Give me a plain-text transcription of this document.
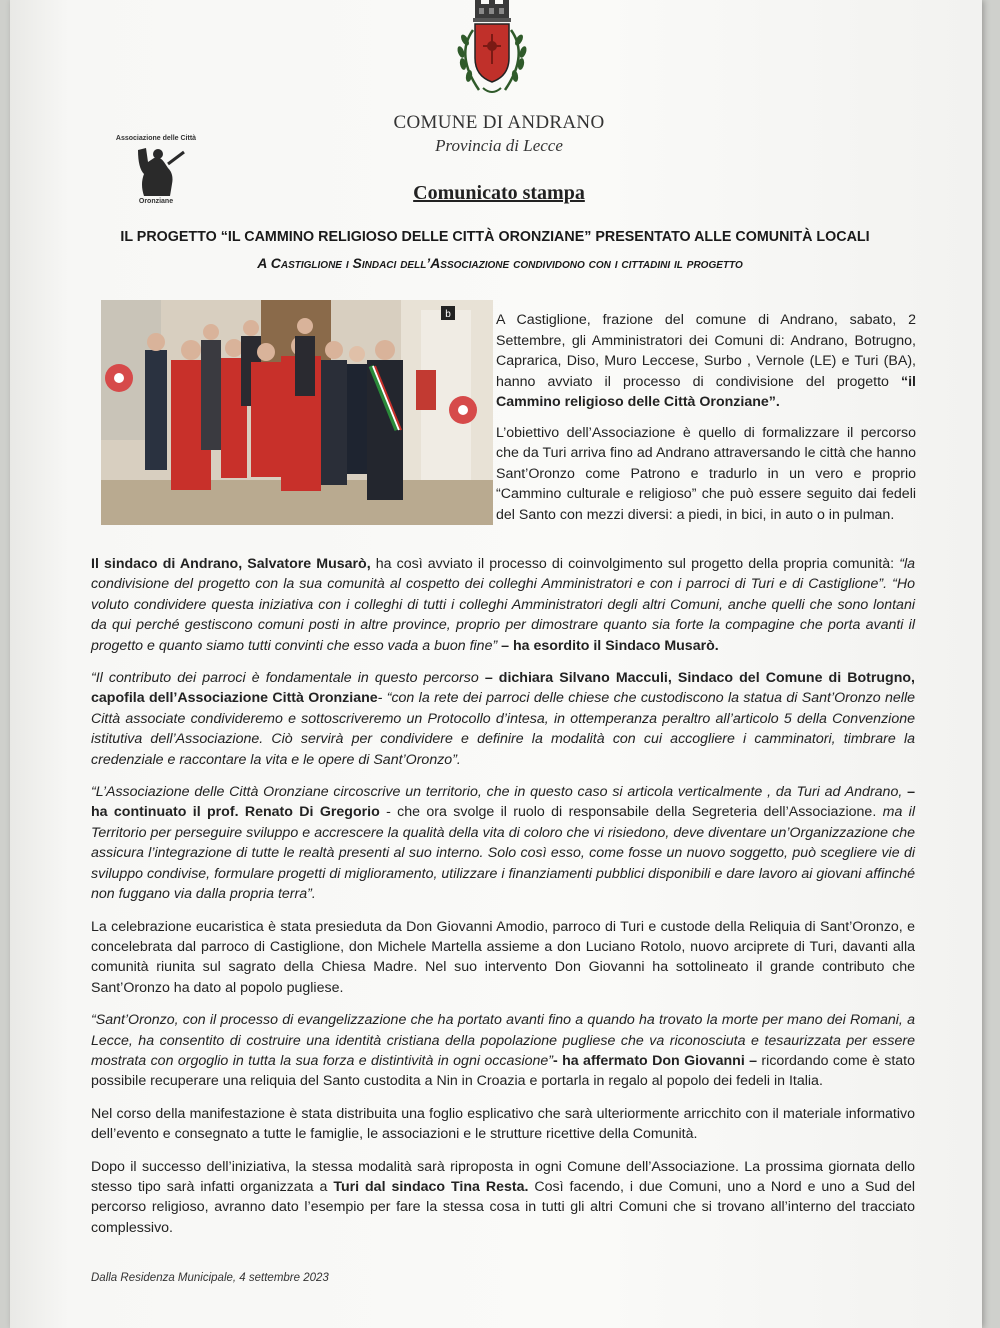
Associazione delle Città
Oronziane
COMUNE DI ANDRANO
Provincia di Lecce
Comunicato stampa
IL PROGETTO “IL CAMMINO RELIGIOSO DELLE CITTÀ ORONZIANE” PRESENTATO ALLE COMUNITÀ LOCALI
A Castiglione i Sindaci dell’Associazione condividono con i cittadini il progetto
b	A Castiglione, frazione del comune di Andrano, sabato, 2 Settembre, gli Amministratori dei Comuni di: Andrano, Botrugno, Caprarica, Diso, Muro Leccese, Surbo , Vernole (LE) e Turi (BA), hanno avviato il processo di condivisione del progetto “il Cammino religioso delle Città Oronziane”.

L’obiettivo dell’Associazione è quello di formalizzare il percorso che da Turi arriva fino ad Andrano attraversando le città che hanno Sant’Oronzo come Patrono e tradurlo in un vero e proprio “Cammino culturale e religioso” che può essere seguito dai fedeli del Santo con mezzi diversi: a piedi, in bici, in auto o in pulman.

Il sindaco di Andrano, Salvatore Musarò, ha così avviato il processo di coinvolgimento sul progetto della propria comunità: “la condivisione del progetto con la sua comunità al cospetto dei colleghi Amministratori e con i parroci di Turi e di Castiglione”. “Ho voluto condividere questa iniziativa con i colleghi di tutti i colleghi Amministratori degli altri Comuni, anche quelli che sono lontani da qui perché gestiscono comuni posti in altre province, proprio per dimostrare quanto sia forte la compagine che porta avanti il progetto e quanto siamo tutti convinti che esso vada a buon fine” – ha esordito il Sindaco Musarò.

“Il contributo dei parroci è fondamentale in questo percorso – dichiara Silvano Macculi, Sindaco del Comune di Botrugno, capofila dell’Associazione Città Oronziane- “con la rete dei parroci delle chiese che custodiscono la statua di Sant’Oronzo nelle Città associate condivideremo e sottoscriveremo un Protocollo d’intesa, in ottemperanza peraltro all’articolo 5 della Convenzione istitutiva dell’Associazione. Ciò servirà per condividere e definire la modalità con cui accogliere i camminatori, timbrare la credenziale e raccontare la vita e le opere di Sant’Oronzo”.

“L’Associazione delle Città Oronziane circoscrive un territorio, che in questo caso si articola verticalmente , da Turi ad Andrano, – ha continuato il prof. Renato Di Gregorio - che ora svolge il ruolo di responsabile della Segreteria dell’Associazione. ma il Territorio per perseguire sviluppo e accrescere la qualità della vita di coloro che vi risiedono, deve diventare un’Organizzazione che assicura l’integrazione di tutte le realtà presenti al suo interno. Solo così esso, come fosse un nuovo soggetto, può scegliere vie di sviluppo condivise, formulare progetti di miglioramento, utilizzare i finanziamenti pubblici disponibili e dare lavoro ai giovani affinché non fuggano via dalla propria terra”.

La celebrazione eucaristica è stata presieduta da Don Giovanni Amodio, parroco di Turi e custode della Reliquia di Sant’Oronzo, e concelebrata dal parroco di Castiglione, don Michele Martella assieme a don Luciano Rotolo, nuovo arciprete di Turi, davanti alla comunità riunita sul sagrato della Chiesa Madre. Nel suo intervento Don Giovanni ha sottolineato il grande contributo che Sant’Oronzo ha dato al popolo pugliese.

“Sant’Oronzo, con il processo di evangelizzazione che ha portato avanti fino a quando ha trovato la morte per mano dei Romani, a Lecce, ha consentito di costruire una identità cristiana della popolazione pugliese che va riconosciuta e tesaurizzata per essere mostrata con orgoglio in tutta la sua forza e distintività in ogni occasione”- ha affermato Don Giovanni – ricordando come è stato possibile recuperare una reliquia del Santo custodita a Nin in Croazia e portarla in regalo al popolo dei fedeli in Italia.

Nel corso della manifestazione è stata distribuita una foglio esplicativo che sarà ulteriormente arricchito con il materiale informativo dell’evento e consegnato a tutte le famiglie, le associazioni e le strutture ricettive della Comunità.

Dopo il successo dell’iniziativa, la stessa modalità sarà riproposta in ogni Comune dell’Associazione. La prossima giornata dello stesso tipo sarà infatti organizzata a Turi dal sindaco Tina Resta. Così facendo, i due Comuni, uno a Nord e uno a Sud del percorso religioso, avranno dato l’esempio per fare la stessa cosa in tutti gli altri Comuni che si trovano all’interno del tracciato complessivo.

Dalla Residenza Municipale, 4 settembre 2023
